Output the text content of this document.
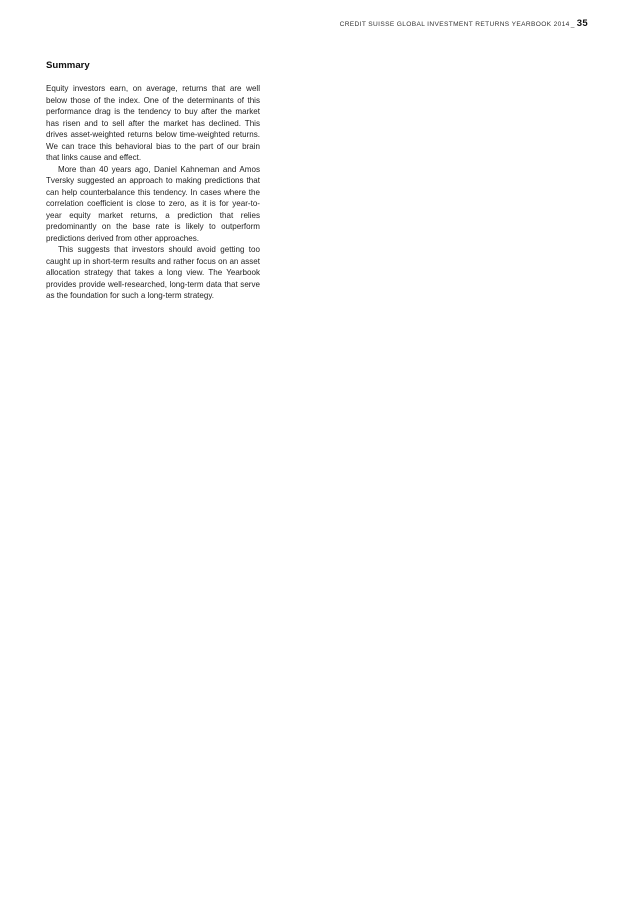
CREDIT SUISSE GLOBAL INVESTMENT RETURNS YEARBOOK 2014_ 35
Summary

Equity investors earn, on average, returns that are well below those of the index. One of the determinants of this performance drag is the tendency to buy after the market has risen and to sell after the market has declined. This drives asset-weighted returns below time-weighted returns. We can trace this behavioral bias to the part of our brain that links cause and effect.

More than 40 years ago, Daniel Kahneman and Amos Tversky suggested an approach to making predictions that can help counterbalance this tendency. In cases where the correlation coefficient is close to zero, as it is for year-to-year equity market returns, a prediction that relies predominantly on the base rate is likely to outperform predictions derived from other approaches.

This suggests that investors should avoid getting too caught up in short-term results and rather focus on an asset allocation strategy that takes a long view. The Yearbook provides provide well-researched, long-term data that serve as the foundation for such a long-term strategy.
